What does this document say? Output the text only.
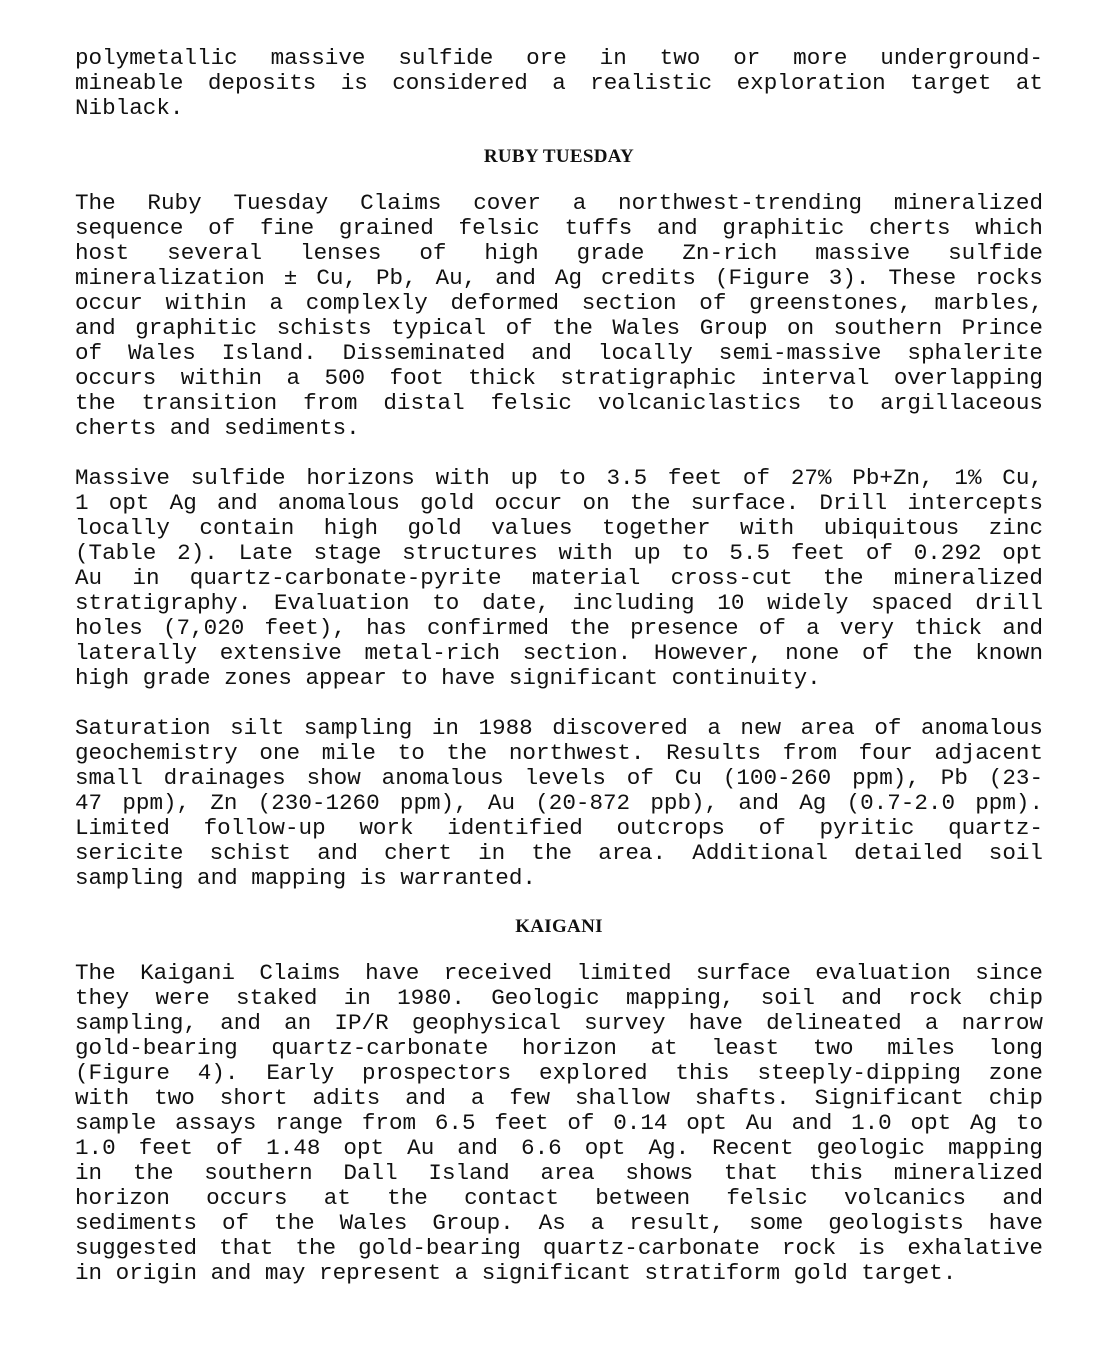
polymetallic massive sulfide ore in two or more underground-
mineable deposits is considered a realistic exploration target at
Niblack.
RUBY TUESDAY
The Ruby Tuesday Claims cover a northwest-trending mineralized
sequence of fine grained felsic tuffs and graphitic cherts which
host several lenses of high grade Zn-rich massive sulfide
mineralization ± Cu, Pb, Au, and Ag credits (Figure 3). These rocks
occur within a complexly deformed section of greenstones, marbles,
and graphitic schists typical of the Wales Group on southern Prince
of Wales Island. Disseminated and locally semi-massive sphalerite
occurs within a 500 foot thick stratigraphic interval overlapping
the transition from distal felsic volcaniclastics to argillaceous
cherts and sediments.
Massive sulfide horizons with up to 3.5 feet of 27% Pb+Zn, 1% Cu,
1 opt Ag and anomalous gold occur on the surface. Drill intercepts
locally contain high gold values together with ubiquitous zinc
(Table 2). Late stage structures with up to 5.5 feet of 0.292 opt
Au in quartz-carbonate-pyrite material cross-cut the mineralized
stratigraphy. Evaluation to date, including 10 widely spaced drill
holes (7,020 feet), has confirmed the presence of a very thick and
laterally extensive metal-rich section. However, none of the known
high grade zones appear to have significant continuity.
Saturation silt sampling in 1988 discovered a new area of anomalous
geochemistry one mile to the northwest. Results from four adjacent
small drainages show anomalous levels of Cu (100-260 ppm), Pb (23-
47 ppm), Zn (230-1260 ppm), Au (20-872 ppb), and Ag (0.7-2.0 ppm).
Limited follow-up work identified outcrops of pyritic quartz-
sericite schist and chert in the area. Additional detailed soil
sampling and mapping is warranted.
KAIGANI
The Kaigani Claims have received limited surface evaluation since
they were staked in 1980. Geologic mapping, soil and rock chip
sampling, and an IP/R geophysical survey have delineated a narrow
gold-bearing quartz-carbonate horizon at least two miles long
(Figure 4). Early prospectors explored this steeply-dipping zone
with two short adits and a few shallow shafts. Significant chip
sample assays range from 6.5 feet of 0.14 opt Au and 1.0 opt Ag to
1.0 feet of 1.48 opt Au and 6.6 opt Ag. Recent geologic mapping
in the southern Dall Island area shows that this mineralized
horizon occurs at the contact between felsic volcanics and
sediments of the Wales Group. As a result, some geologists have
suggested that the gold-bearing quartz-carbonate rock is exhalative
in origin and may represent a significant stratiform gold target.
